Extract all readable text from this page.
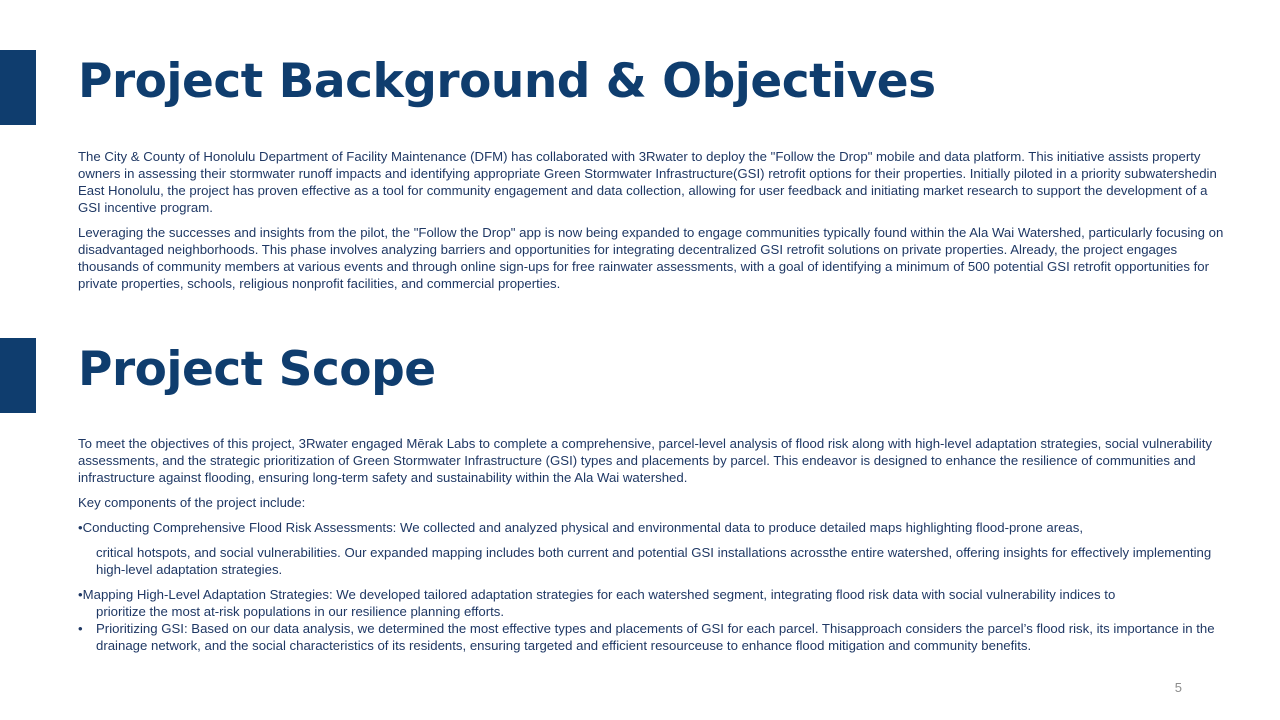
Project Background & Objectives

The City & County of Honolulu Department of Facility Maintenance (DFM) has collaborated with 3Rwater to deploy the "Follow the Drop" mobile and data platform. This initiative assists property owners in assessing their stormwater runoff impacts and identifying appropriate Green Stormwater Infrastructure(GSI) retrofit options for their properties. Initially piloted in a priority subwatershedin East Honolulu, the project has proven effective as a tool for community engagement and data collection, allowing for user feedback and initiating market research to support the development of a GSI incentive program.

Leveraging the successes and insights from the pilot, the "Follow the Drop" app is now being expanded to engage communities typically found within the Ala Wai Watershed, particularly focusing on disadvantaged neighborhoods. This phase involves analyzing barriers and opportunities for integrating decentralized GSI retrofit solutions on private properties. Already, the project engages thousands of community members at various events and through online sign-ups for free rainwater assessments, with a goal of identifying a minimum of 500 potential GSI retrofit opportunities for private properties, schools, religious nonprofit facilities, and commercial properties.

Project Scope

To meet the objectives of this project, 3Rwater engaged Mērak Labs to complete a comprehensive, parcel-level analysis of flood risk along with high-level adaptation strategies, social vulnerability assessments, and the strategic prioritization of Green Stormwater Infrastructure (GSI) types and placements by parcel. This endeavor is designed to enhance the resilience of communities and infrastructure against flooding, ensuring long-term safety and sustainability within the Ala Wai watershed.

Key components of the project include:

•Conducting Comprehensive Flood Risk Assessments: We collected and analyzed physical and environmental data to produce detailed maps highlighting flood-prone areas,
critical hotspots, and social vulnerabilities. Our expanded mapping includes both current and potential GSI installations acrossthe entire watershed, offering insights for effectively implementing high-level adaptation strategies.
•Mapping High-Level Adaptation Strategies: We developed tailored adaptation strategies for each watershed segment, integrating flood risk data with social vulnerability indices to
prioritize the most at-risk populations in our resilience planning efforts.
• Prioritizing GSI: Based on our data analysis, we determined the most effective types and placements of GSI for each parcel. Thisapproach considers the parcel’s flood risk, its importance in the drainage network, and the social characteristics of its residents, ensuring targeted and efficient resourceuse to enhance flood mitigation and community benefits.
5
